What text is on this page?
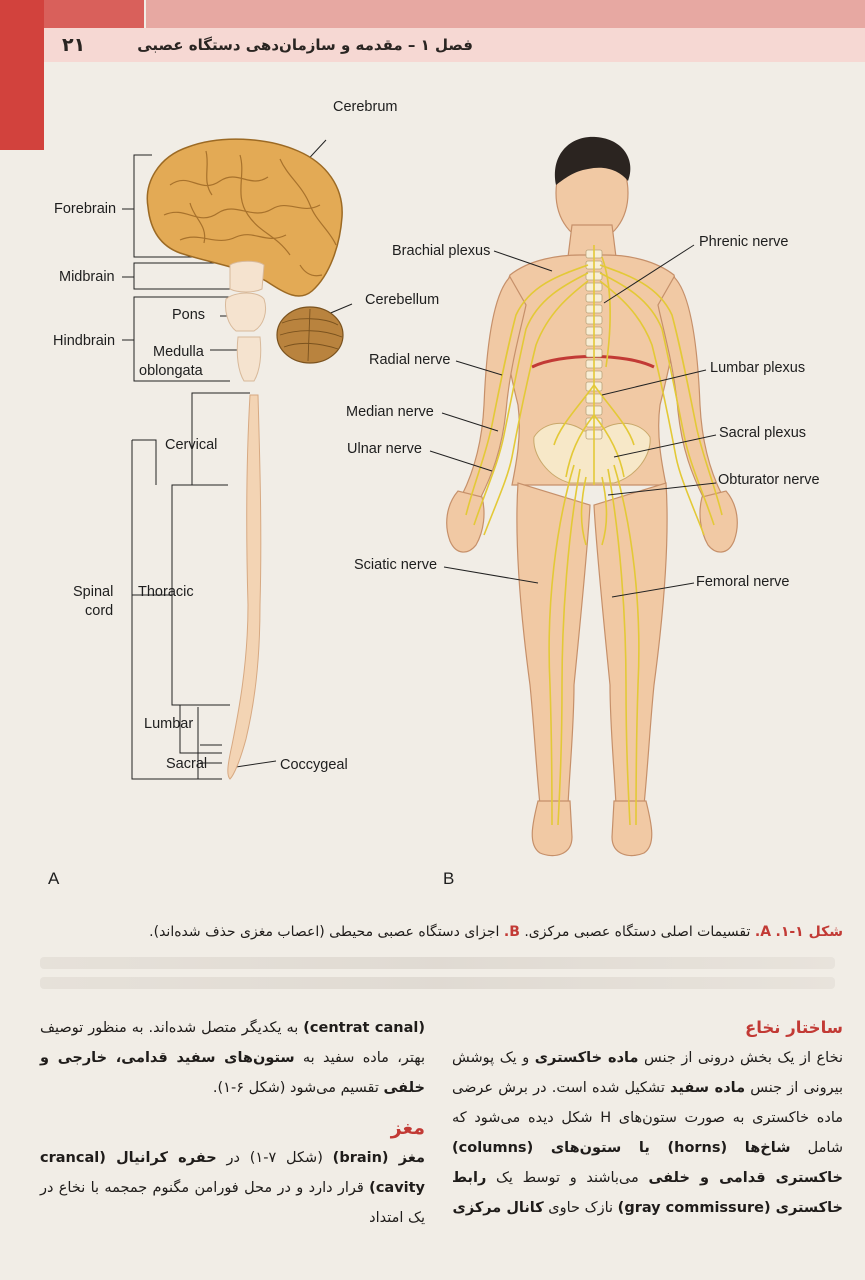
۲۱	فصل ۱ – مقدمه و سازمان‌دهی دستگاه عصبی
Cerebrum
Forebrain
Midbrain
Pons
Hindbrain
Cerebellum
Medulla
oblongata
Cervical
Spinal
cord
Thoracic
Lumbar
Sacral	Coccygeal
Brachial plexus
Phrenic nerve
Radial nerve	Lumbar plexus
Median nerve
Ulnar nerve
Sacral plexus
Obturator nerve
Sciatic nerve
Femoral nerve
A	B
شکل ۱-۱. A. تقسیمات اصلی دستگاه عصبی مرکزی. B. اجزای دستگاه عصبی محیطی (اعصاب مغزی حذف شده‌اند).
ساختار نخاع

نخاع از یک بخش درونی از جنس ماده خاکستری و یک پوشش بیرونی از جنس ماده سفید تشکیل شده است. در برش عرضی ماده خاکستری به صورت ستون‌های H شکل دیده می‌شود که شامل شاخ‌ها (horns) یا ستون‌های (columns) خاکستری قدامی و خلفی می‌باشند و توسط یک رابط خاکستری (gray commissure) نازک حاوی کانال مرکزی

(centrat canal) به یکدیگر متصل شده‌اند. به منظور توصیف بهتر، ماده سفید به ستون‌های سفید قدامی، خارجی و خلفی تقسیم می‌شود (شکل ۶-۱).

مغز

مغز (brain) (شکل ۷-۱) در حفره کرانیال (crancal cavity) قرار دارد و در محل فورامن مگنوم جمجمه با نخاع در یک امتداد
